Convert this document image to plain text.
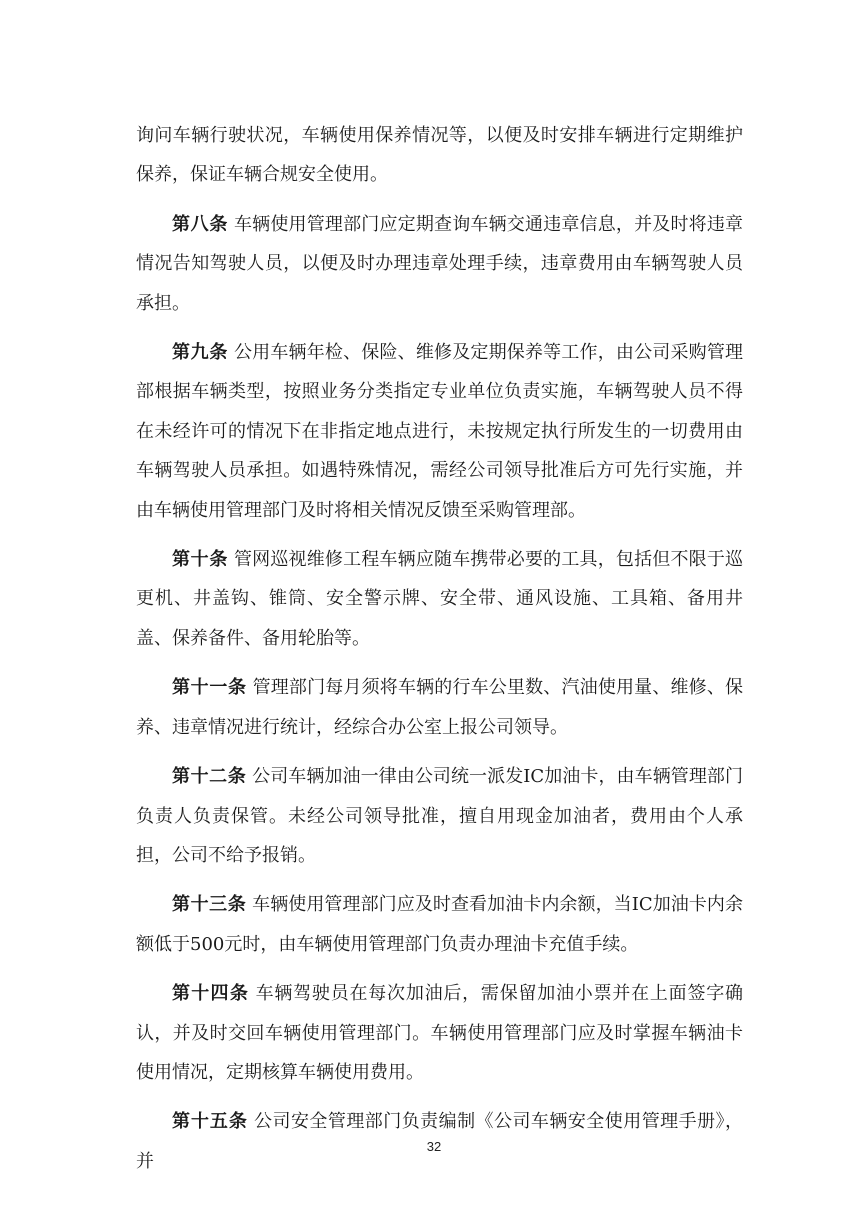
询问车辆行驶状况，车辆使用保养情况等，以便及时安排车辆进行定期维护保养，保证车辆合规安全使用。

第八条 车辆使用管理部门应定期查询车辆交通违章信息，并及时将违章情况告知驾驶人员，以便及时办理违章处理手续，违章费用由车辆驾驶人员承担。

第九条 公用车辆年检、保险、维修及定期保养等工作，由公司采购管理部根据车辆类型，按照业务分类指定专业单位负责实施，车辆驾驶人员不得在未经许可的情况下在非指定地点进行，未按规定执行所发生的一切费用由车辆驾驶人员承担。如遇特殊情况，需经公司领导批准后方可先行实施，并由车辆使用管理部门及时将相关情况反馈至采购管理部。

第十条 管网巡视维修工程车辆应随车携带必要的工具，包括但不限于巡更机、井盖钩、锥筒、安全警示牌、安全带、通风设施、工具箱、备用井盖、保养备件、备用轮胎等。

第十一条 管理部门每月须将车辆的行车公里数、汽油使用量、维修、保养、违章情况进行统计，经综合办公室上报公司领导。

第十二条 公司车辆加油一律由公司统一派发IC加油卡，由车辆管理部门负责人负责保管。未经公司领导批准，擅自用现金加油者，费用由个人承担，公司不给予报销。

第十三条 车辆使用管理部门应及时查看加油卡内余额，当IC加油卡内余额低于500元时，由车辆使用管理部门负责办理油卡充值手续。

第十四条 车辆驾驶员在每次加油后，需保留加油小票并在上面签字确认，并及时交回车辆使用管理部门。车辆使用管理部门应及时掌握车辆油卡使用情况，定期核算车辆使用费用。

第十五条 公司安全管理部门负责编制《公司车辆安全使用管理手册》，并

32
